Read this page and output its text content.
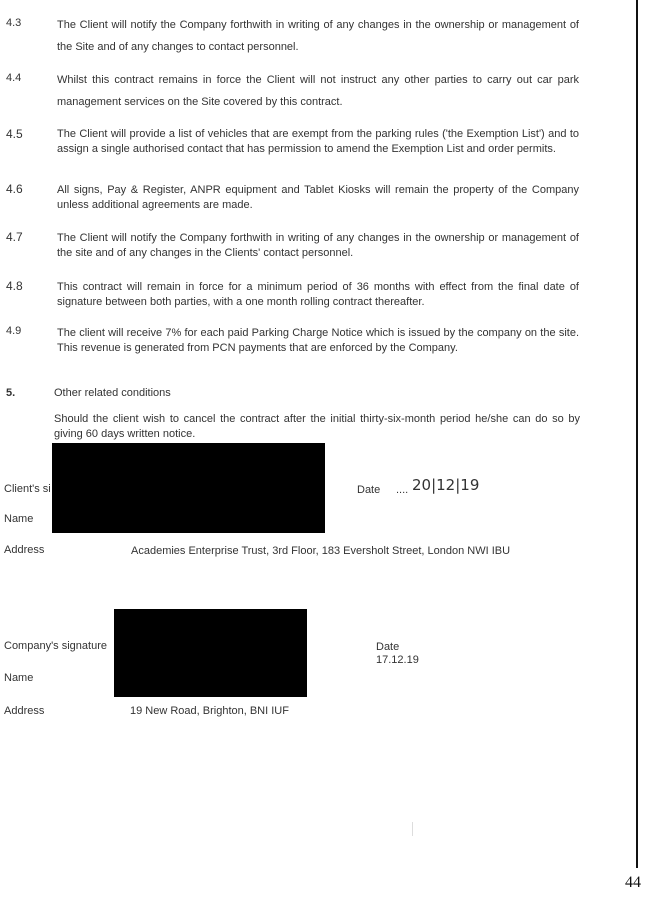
4.3	The Client will notify the Company forthwith in writing of any changes in the ownership or management of the Site and of any changes to contact personnel.
4.4	Whilst this contract remains in force the Client will not instruct any other parties to carry out car park management services on the Site covered by this contract.
4.5	The Client will provide a list of vehicles that are exempt from the parking rules ('the Exemption List') and to assign a single authorised contact that has permission to amend the Exemption List and order permits.
4.6	All signs, Pay & Register, ANPR equipment and Tablet Kiosks will remain the property of the Company unless additional agreements are made.
4.7	The Client will notify the Company forthwith in writing of any changes in the ownership or management of the site and of any changes in the Clients' contact personnel.
4.8	This contract will remain in force for a minimum period of 36 months with effect from the final date of signature between both parties, with a one month rolling contract thereafter.
4.9	The client will receive 7% for each paid Parking Charge Notice which is issued by the company on the site. This revenue is generated from PCN payments that are enforced by the Company.
5.	Other related conditions
Should the client wish to cancel the contract after the initial thirty-six-month period he/she can do so by giving 60 days written notice.
Client's si
Name
Date .... 20|12|19
Address	Academies Enterprise Trust, 3rd Floor, 183 Eversholt Street, London NWI IBU
Company's signature	Date
17.12.19
Name
Address	19 New Road, Brighton, BNI IUF
44
